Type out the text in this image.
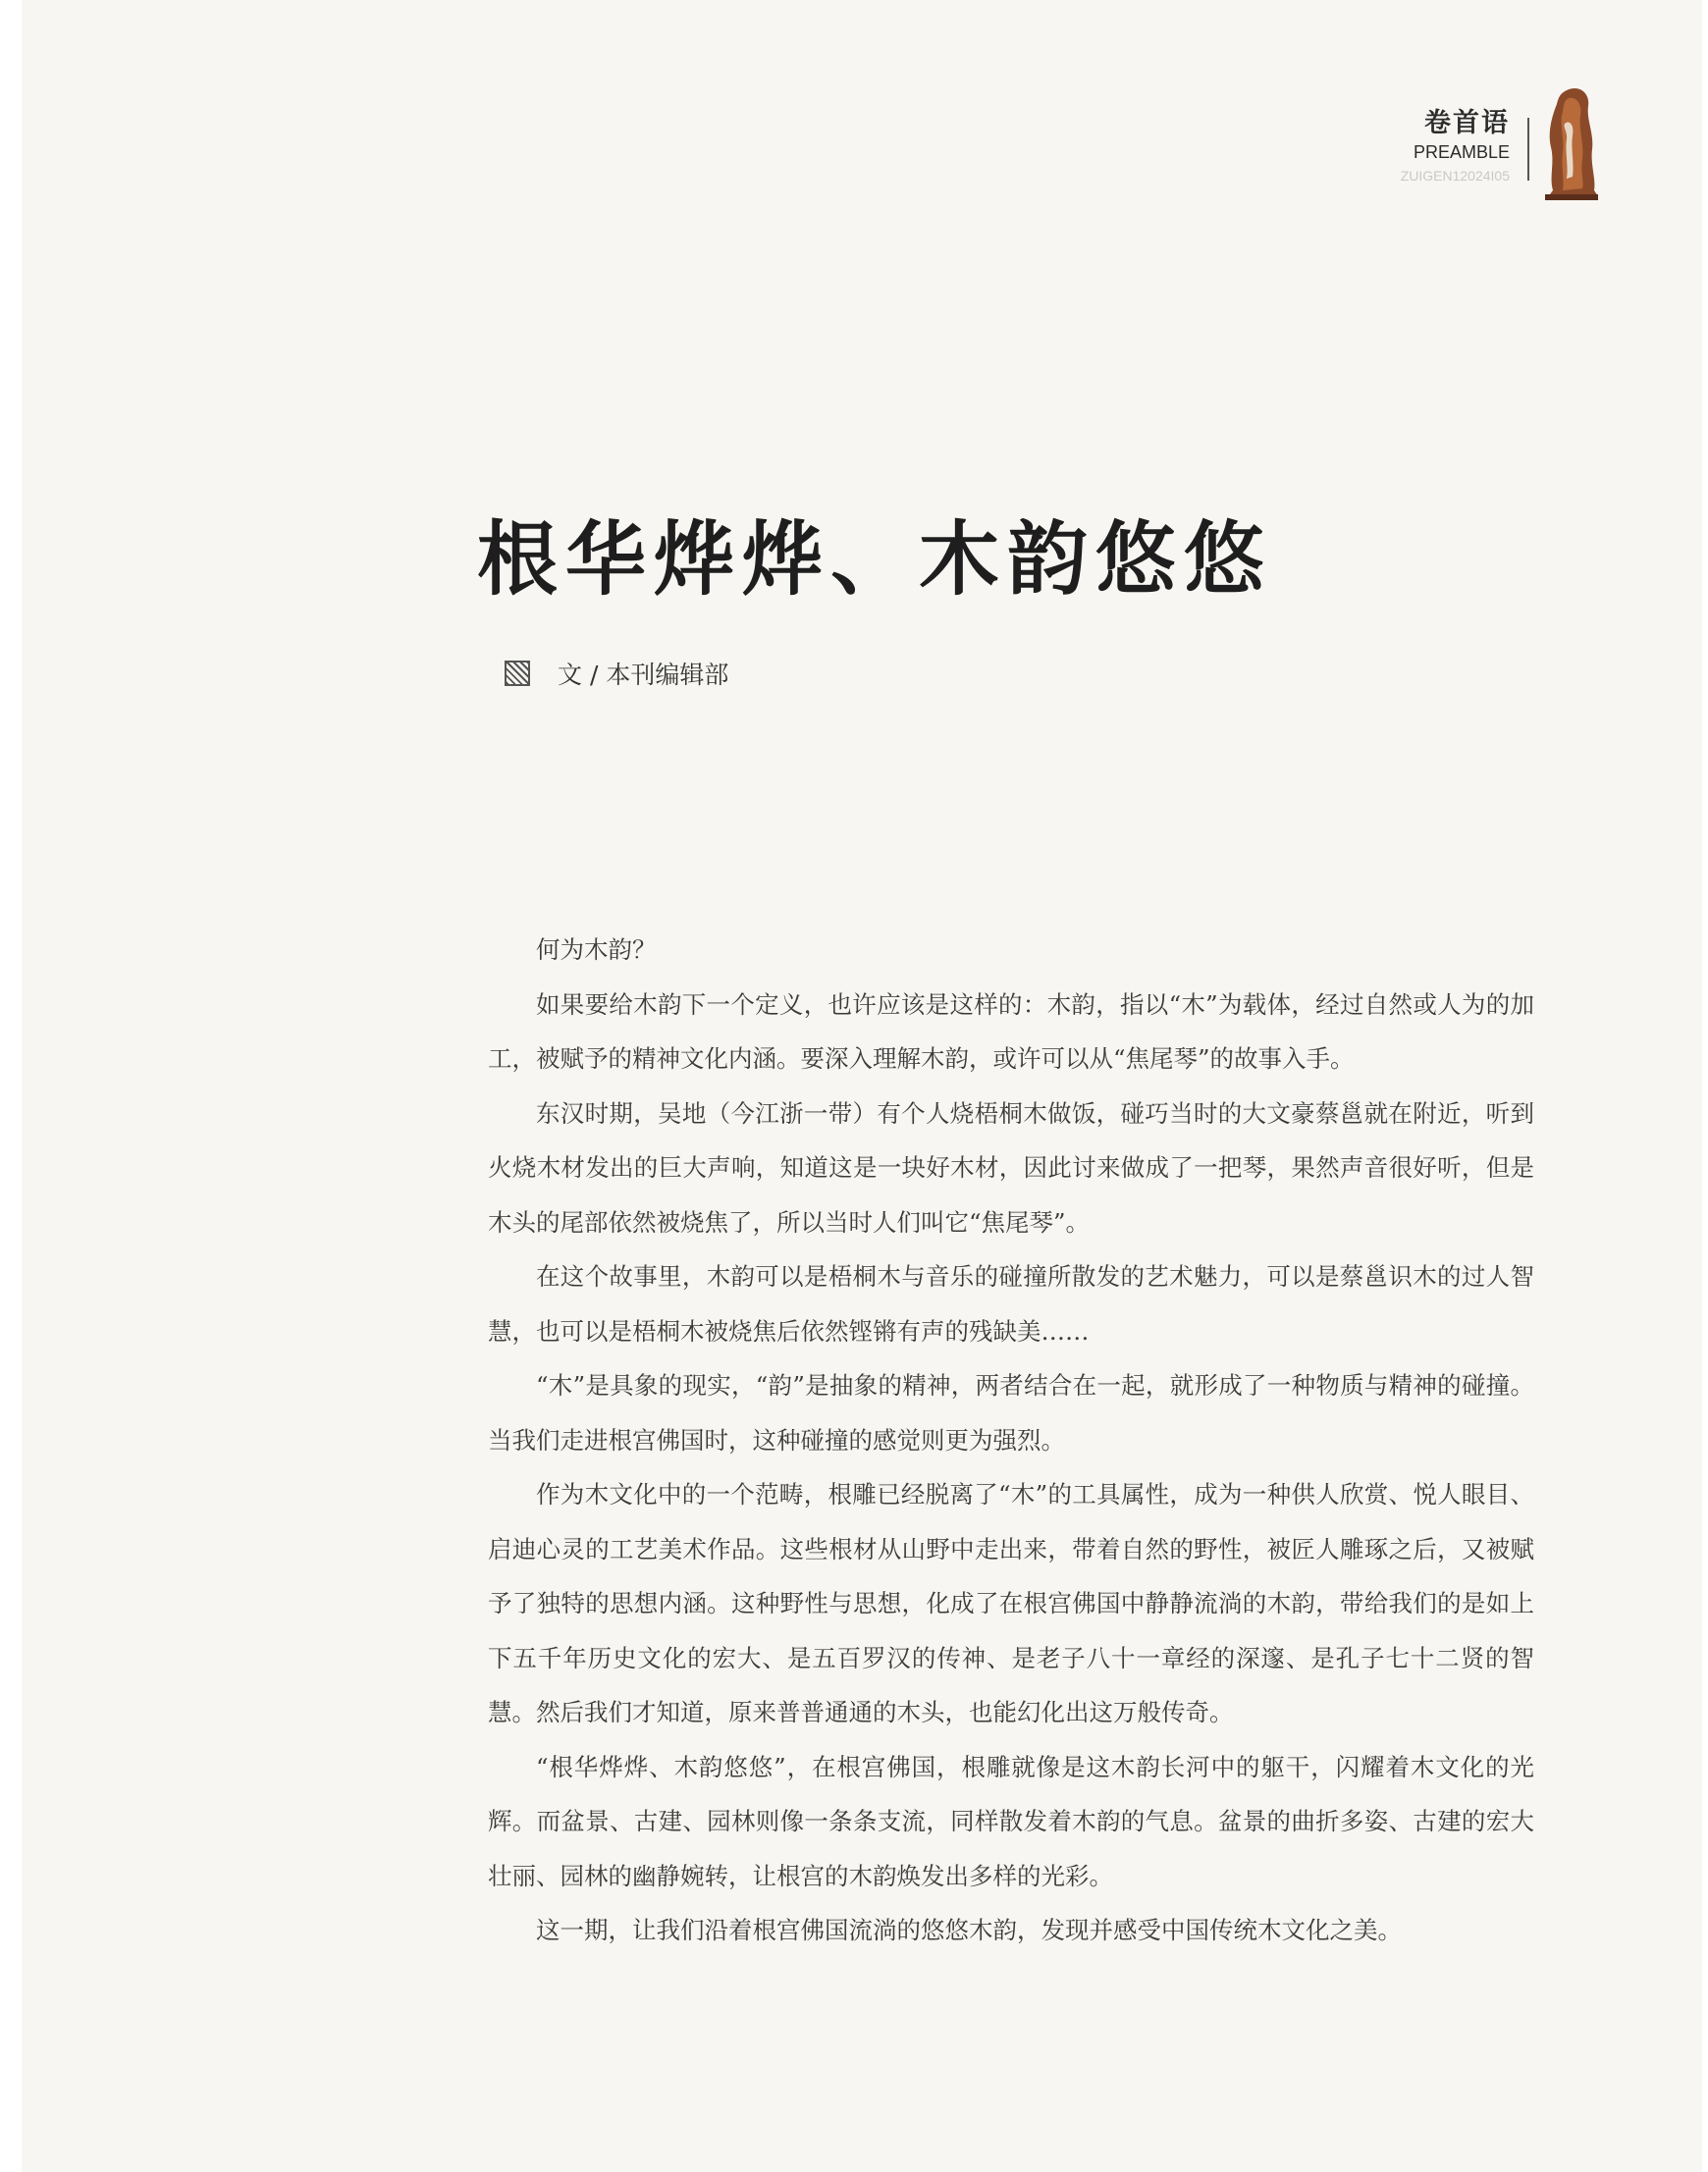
卷首语
PREAMBLE
ZUIGEN12024I05
根华烨烨、木韵悠悠
文 / 本刊编辑部

何为木韵？

如果要给木韵下一个定义，也许应该是这样的：木韵，指以“木”为载体，经过自然或人为的加工，被赋予的精神文化内涵。要深入理解木韵，或许可以从“焦尾琴”的故事入手。

东汉时期，吴地（今江浙一带）有个人烧梧桐木做饭，碰巧当时的大文豪蔡邕就在附近，听到火烧木材发出的巨大声响，知道这是一块好木材，因此讨来做成了一把琴，果然声音很好听，但是木头的尾部依然被烧焦了，所以当时人们叫它“焦尾琴”。

在这个故事里，木韵可以是梧桐木与音乐的碰撞所散发的艺术魅力，可以是蔡邕识木的过人智慧，也可以是梧桐木被烧焦后依然铿锵有声的残缺美……

“木”是具象的现实，“韵”是抽象的精神，两者结合在一起，就形成了一种物质与精神的碰撞。当我们走进根宫佛国时，这种碰撞的感觉则更为强烈。

作为木文化中的一个范畴，根雕已经脱离了“木”的工具属性，成为一种供人欣赏、悦人眼目、启迪心灵的工艺美术作品。这些根材从山野中走出来，带着自然的野性，被匠人雕琢之后，又被赋予了独特的思想内涵。这种野性与思想，化成了在根宫佛国中静静流淌的木韵，带给我们的是如上下五千年历史文化的宏大、是五百罗汉的传神、是老子八十一章经的深邃、是孔子七十二贤的智慧。然后我们才知道，原来普普通通的木头，也能幻化出这万般传奇。

“根华烨烨、木韵悠悠”，在根宫佛国，根雕就像是这木韵长河中的躯干，闪耀着木文化的光辉。而盆景、古建、园林则像一条条支流，同样散发着木韵的气息。盆景的曲折多姿、古建的宏大壮丽、园林的幽静婉转，让根宫的木韵焕发出多样的光彩。

这一期，让我们沿着根宫佛国流淌的悠悠木韵，发现并感受中国传统木文化之美。
